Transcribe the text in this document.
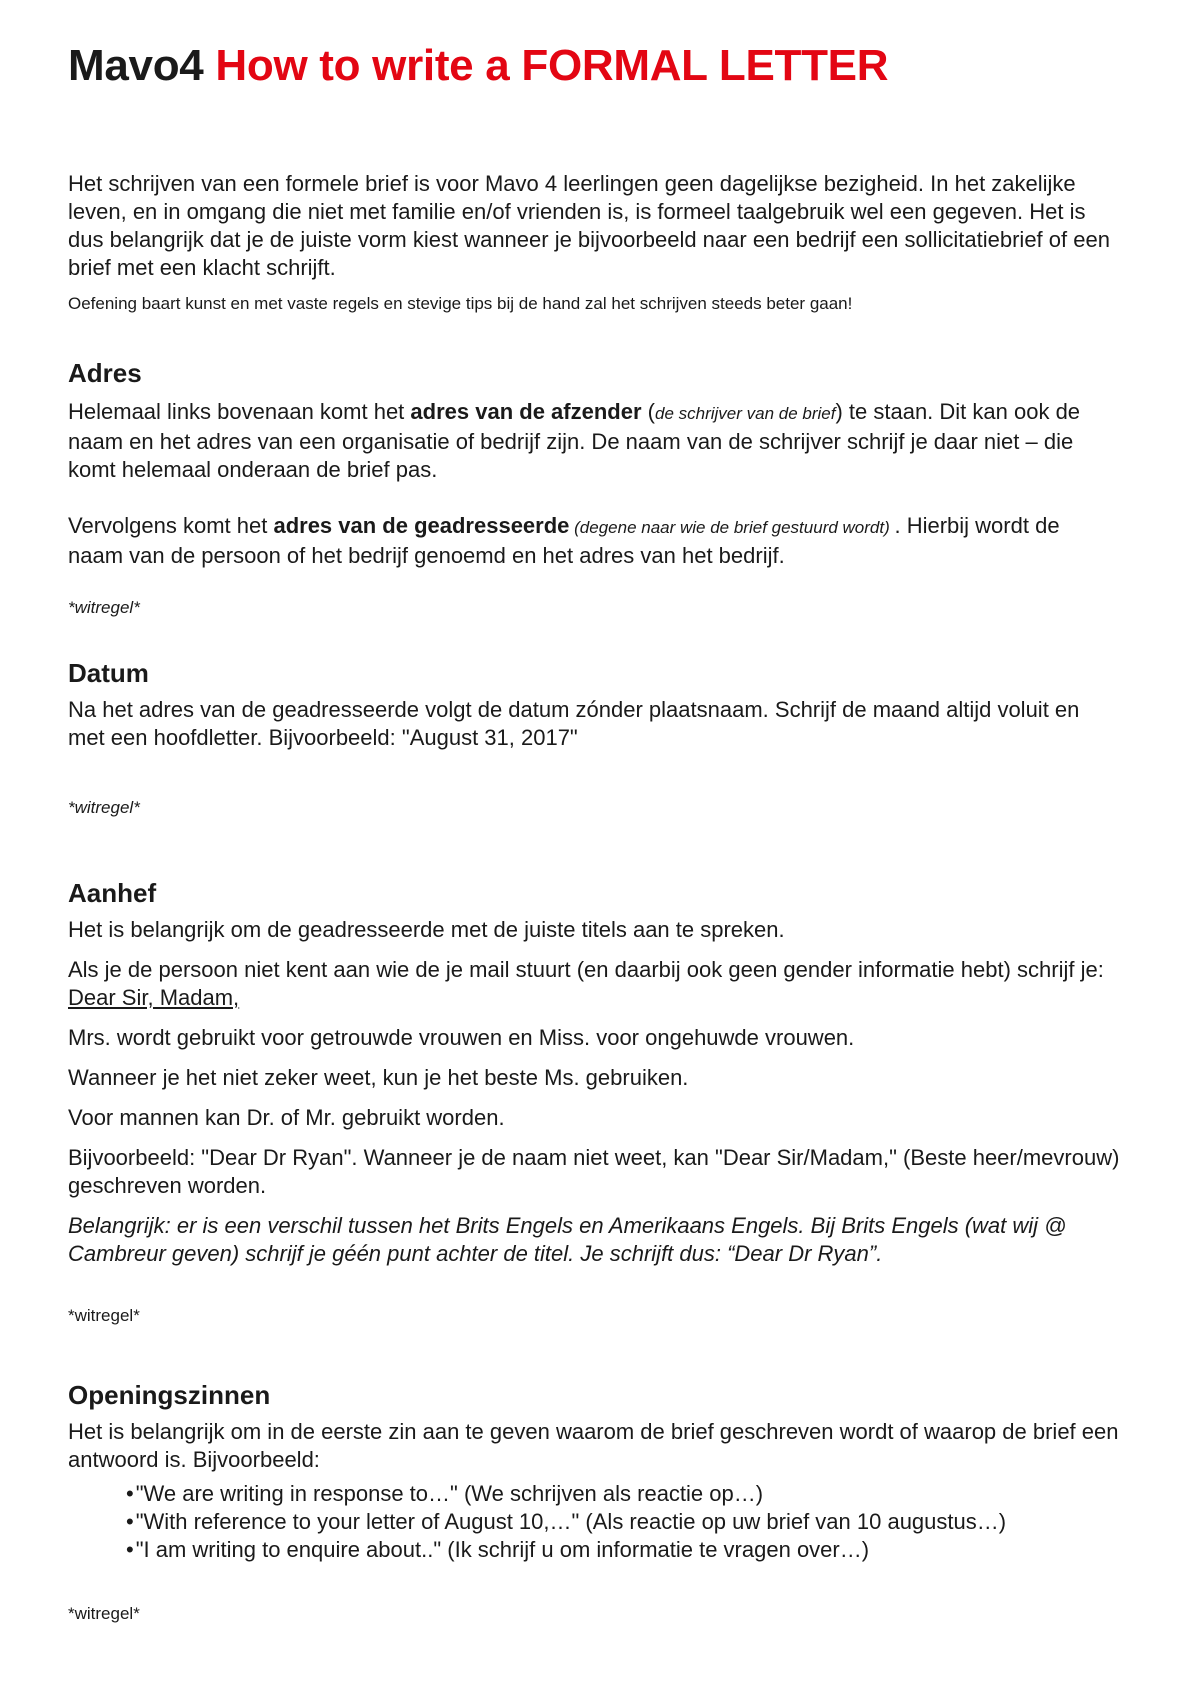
Mavo4 How to write a FORMAL LETTER

Het schrijven van een formele brief is voor Mavo 4 leerlingen geen dagelijkse bezigheid. In het zakelijke leven, en in omgang die niet met familie en/of vrienden is, is formeel taalgebruik wel een gegeven. Het is dus belangrijk dat je de juiste vorm kiest wanneer je bijvoorbeeld naar een bedrijf een sollicitatiebrief of een brief met een klacht schrijft.

Oefening baart kunst en met vaste regels en stevige tips bij de hand zal het schrijven steeds beter gaan!

Adres

Helemaal links bovenaan komt het adres van de afzender (de schrijver van de brief) te staan. Dit kan ook de naam en het adres van een organisatie of bedrijf zijn. De naam van de schrijver schrijf je daar niet – die komt helemaal onderaan de brief pas.

Vervolgens komt het adres van de geadresseerde (degene naar wie de brief gestuurd wordt) . Hierbij wordt de naam van de persoon of het bedrijf genoemd en het adres van het bedrijf.

*witregel*
Datum

Na het adres van de geadresseerde volgt de datum zónder plaatsnaam. Schrijf de maand altijd voluit en met een hoofdletter. Bijvoorbeeld: "August 31, 2017"

*witregel*
Aanhef

Het is belangrijk om de geadresseerde met de juiste titels aan te spreken.

Als je de persoon niet kent aan wie de je mail stuurt (en daarbij ook geen gender informatie hebt) schrijf je: Dear Sir, Madam,

Mrs. wordt gebruikt voor getrouwde vrouwen en Miss. voor ongehuwde vrouwen.

Wanneer je het niet zeker weet, kun je het beste Ms. gebruiken.

Voor mannen kan Dr. of Mr. gebruikt worden.

Bijvoorbeeld: "Dear Dr Ryan". Wanneer je de naam niet weet, kan "Dear Sir/Madam," (Beste heer/mevrouw) geschreven worden.

Belangrijk: er is een verschil tussen het Brits Engels en Amerikaans Engels. Bij Brits Engels (wat wij @ Cambreur geven) schrijf je géén punt achter de titel. Je schrijft dus: “Dear Dr Ryan”.

*witregel*
Openingszinnen

Het is belangrijk om in de eerste zin aan te geven waarom de brief geschreven wordt of waarop de brief een antwoord is. Bijvoorbeeld:

• "We are writing in response to…" (We schrijven als reactie op…)
• "With reference to your letter of August 10,…" (Als reactie op uw brief van 10 augustus…)
• "I am writing to enquire about.." (Ik schrijf u om informatie te vragen over…)
*witregel*
